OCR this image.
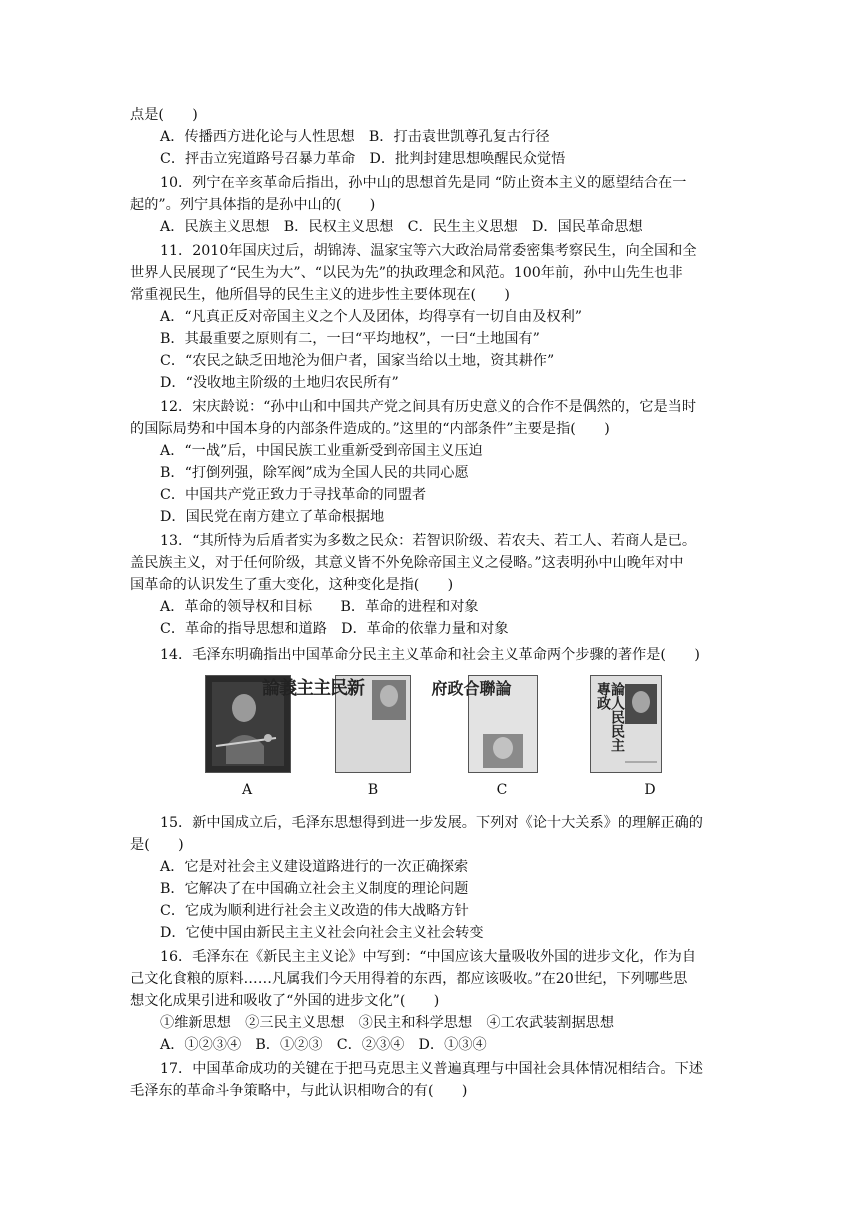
点是(　　)
A．传播西方进化论与人性思想　B．打击袁世凯尊孔复古行径
C．抨击立宪道路号召暴力革命　D．批判封建思想唤醒民众觉悟
10．列宁在辛亥革命后指出，孙中山的思想首先是同 “防止资本主义的愿望结合在一
起的”。列宁具体指的是孙中山的(　　)
A．民族主义思想　B．民权主义思想　C．民生主义思想　D．国民革命思想
11．2010年国庆过后，胡锦涛、温家宝等六大政治局常委密集考察民生，向全国和全
世界人民展现了“民生为大”、“以民为先”的执政理念和风范。100年前，孙中山先生也非
常重视民生，他所倡导的民生主义的进步性主要体现在(　　)
A．“凡真正反对帝国主义之个人及团体，均得享有一切自由及权利”
B．其最重要之原则有二，一曰“平均地权”，一曰“土地国有”
C．“农民之缺乏田地沦为佃户者，国家当给以土地，资其耕作”
D．“没收地主阶级的土地归农民所有”
12．宋庆龄说：“孙中山和中国共产党之间具有历史意义的合作不是偶然的，它是当时
的国际局势和中国本身的内部条件造成的。”这里的“内部条件”主要是指(　　)
A．“一战”后，中国民族工业重新受到帝国主义压迫
B．“打倒列强，除军阀”成为全国人民的共同心愿
C．中国共产党正致力于寻找革命的同盟者
D．国民党在南方建立了革命根据地
13．“其所恃为后盾者实为多数之民众：若智识阶级、若农夫、若工人、若商人是已。
盖民族主义，对于任何阶级，其意义皆不外免除帝国主义之侵略。”这表明孙中山晚年对中
国革命的认识发生了重大变化，这种变化是指(　　)
A．革命的领导权和目标　　B．革命的进程和对象
C．革命的指导思想和道路　D．革命的依靠力量和对象
14．毛泽东明确指出中国革命分民主主义革命和社会主义革命两个步骤的著作是(　　)
A
新民主主義論
B
論聯合政府
C
論人民民主專政
D
15．新中国成立后，毛泽东思想得到进一步发展。下列对《论十大关系》的理解正确的
是(　　)
A．它是对社会主义建设道路进行的一次正确探索
B．它解决了在中国确立社会主义制度的理论问题
C．它成为顺利进行社会主义改造的伟大战略方针
D．它使中国由新民主主义社会向社会主义社会转变
16．毛泽东在《新民主主义论》中写到：“中国应该大量吸收外国的进步文化，作为自
己文化食粮的原料……凡属我们今天用得着的东西，都应该吸收。”在20世纪，下列哪些思
想文化成果引进和吸收了“外国的进步文化”(　　)
①维新思想　②三民主义思想　③民主和科学思想　④工农武装割据思想
A．①②③④　B．①②③　C．②③④　D．①③④
17．中国革命成功的关键在于把马克思主义普遍真理与中国社会具体情况相结合。下述
毛泽东的革命斗争策略中，与此认识相吻合的有(　　)
